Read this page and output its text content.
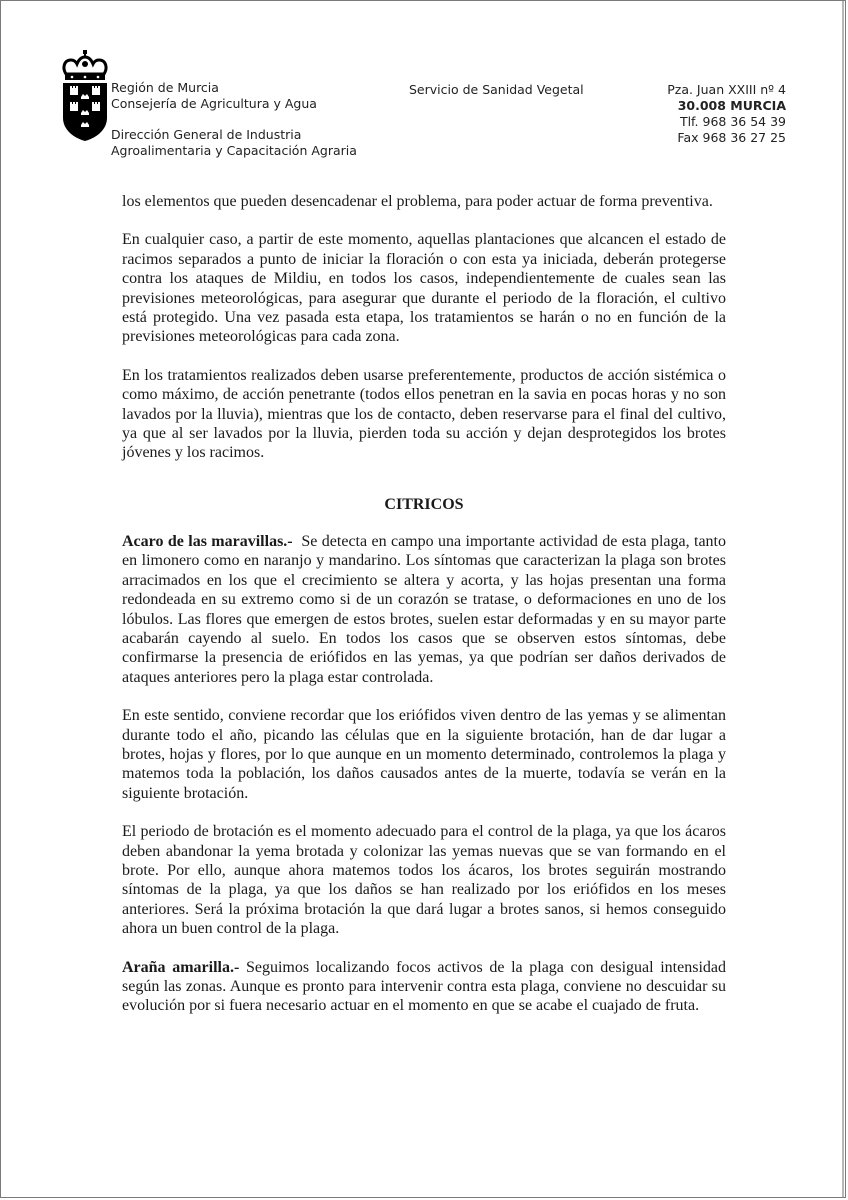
Región de Murcia
Consejería de Agricultura y Agua
Dirección General de Industria
Agroalimentaria y Capacitación Agraria
Servicio de Sanidad Vegetal	Pza. Juan XXIII nº 4
30.008 MURCIA
Tlf. 968 36 54 39
Fax 968 36 27 25

los elementos que pueden desencadenar el problema, para poder actuar de forma preventiva.

En cualquier caso, a partir de este momento, aquellas plantaciones que alcancen el estado de racimos separados a punto de iniciar la floración o con esta ya iniciada, deberán protegerse contra los ataques de Mildiu, en todos los casos, independientemente de cuales sean las previsiones meteorológicas, para asegurar que durante el periodo de la floración, el cultivo está protegido. Una vez pasada esta etapa, los tratamientos se harán o no en función de la previsiones meteorológicas para cada zona.

En los tratamientos realizados deben usarse preferentemente, productos de acción sistémica o como máximo, de acción penetrante (todos ellos penetran en la savia en pocas horas y no son lavados por la lluvia), mientras que los de contacto, deben reservarse para el final del cultivo, ya que al ser lavados por la lluvia, pierden toda su acción y dejan desprotegidos los brotes jóvenes y los racimos.

CITRICOS

Acaro de las maravillas.- Se detecta en campo una importante actividad de esta plaga, tanto en limonero como en naranjo y mandarino. Los síntomas que caracterizan la plaga son brotes arracimados en los que el crecimiento se altera y acorta, y las hojas presentan una forma redondeada en su extremo como si de un corazón se tratase, o deformaciones en uno de los lóbulos. Las flores que emergen de estos brotes, suelen estar deformadas y en su mayor parte acabarán cayendo al suelo. En todos los casos que se observen estos síntomas, debe confirmarse la presencia de eriófidos en las yemas, ya que podrían ser daños derivados de ataques anteriores pero la plaga estar controlada.

En este sentido, conviene recordar que los eriófidos viven dentro de las yemas y se alimentan durante todo el año, picando las células que en la siguiente brotación, han de dar lugar a brotes, hojas y flores, por lo que aunque en un momento determinado, controlemos la plaga y matemos toda la población, los daños causados antes de la muerte, todavía se verán en la siguiente brotación.

El periodo de brotación es el momento adecuado para el control de la plaga, ya que los ácaros deben abandonar la yema brotada y colonizar las yemas nuevas que se van formando en el brote. Por ello, aunque ahora matemos todos los ácaros, los brotes seguirán mostrando síntomas de la plaga, ya que los daños se han realizado por los eriófidos en los meses anteriores. Será la próxima brotación la que dará lugar a brotes sanos, si hemos conseguido ahora un buen control de la plaga.

Araña amarilla.- Seguimos localizando focos activos de la plaga con desigual intensidad según las zonas. Aunque es pronto para intervenir contra esta plaga, conviene no descuidar su evolución por si fuera necesario actuar en el momento en que se acabe el cuajado de fruta.
